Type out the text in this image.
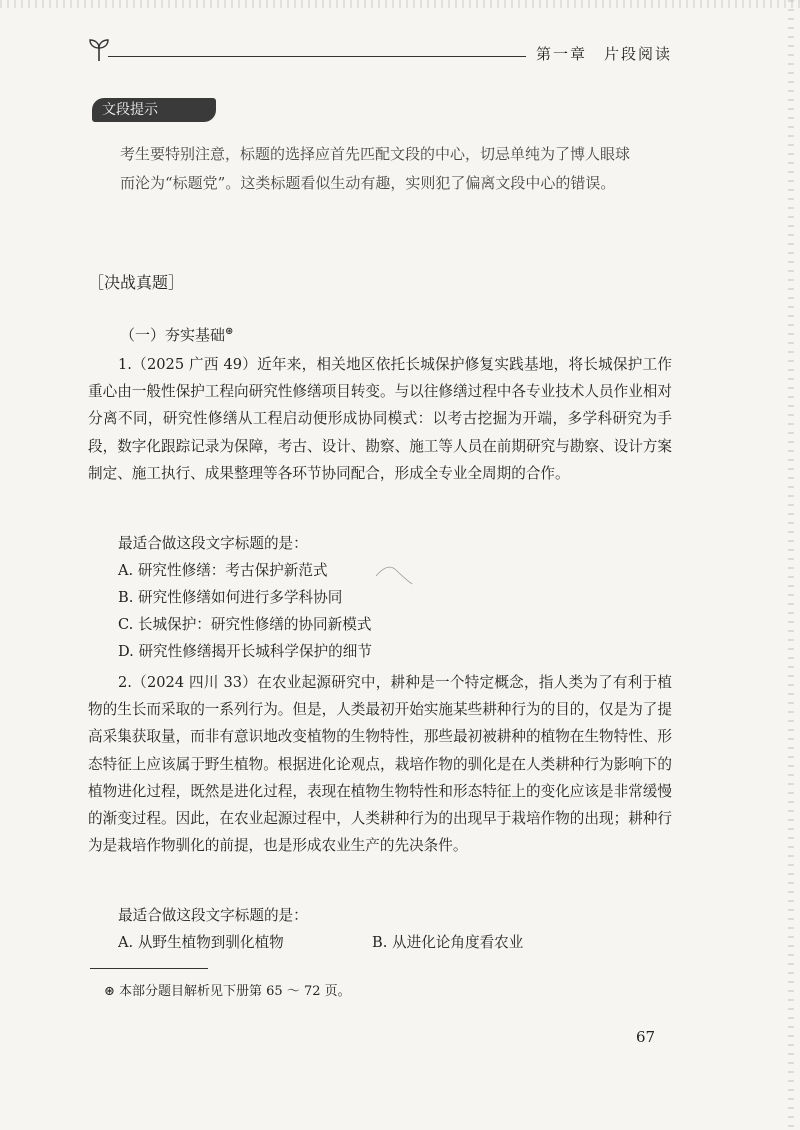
第一章　片段阅读
文段提示
考生要特别注意，标题的选择应首先匹配文段的中心，切忌单纯为了博人眼球而沦为“标题党”。这类标题看似生动有趣，实则犯了偏离文段中心的错误。
［决战真题］
（一）夯实基础⊛
1.（2025 广西 49）近年来，相关地区依托长城保护修复实践基地，将长城保护工作重心由一般性保护工程向研究性修缮项目转变。与以往修缮过程中各专业技术人员作业相对分离不同，研究性修缮从工程启动便形成协同模式：以考古挖掘为开端，多学科研究为手段，数字化跟踪记录为保障，考古、设计、勘察、施工等人员在前期研究与勘察、设计方案制定、施工执行、成果整理等各环节协同配合，形成全专业全周期的合作。
最适合做这段文字标题的是：
A. 研究性修缮：考古保护新范式
B. 研究性修缮如何进行多学科协同
C. 长城保护：研究性修缮的协同新模式
D. 研究性修缮揭开长城科学保护的细节
2.（2024 四川 33）在农业起源研究中，耕种是一个特定概念，指人类为了有利于植物的生长而采取的一系列行为。但是，人类最初开始实施某些耕种行为的目的，仅是为了提高采集获取量，而非有意识地改变植物的生物特性，那些最初被耕种的植物在生物特性、形态特征上应该属于野生植物。根据进化论观点，栽培作物的驯化是在人类耕种行为影响下的植物进化过程，既然是进化过程，表现在植物生物特性和形态特征上的变化应该是非常缓慢的渐变过程。因此，在农业起源过程中，人类耕种行为的出现早于栽培作物的出现；耕种行为是栽培作物驯化的前提，也是形成农业生产的先决条件。
最适合做这段文字标题的是：
A. 从野生植物到驯化植物	B. 从进化论角度看农业
⊛ 本部分题目解析见下册第 65 ～ 72 页。
67
